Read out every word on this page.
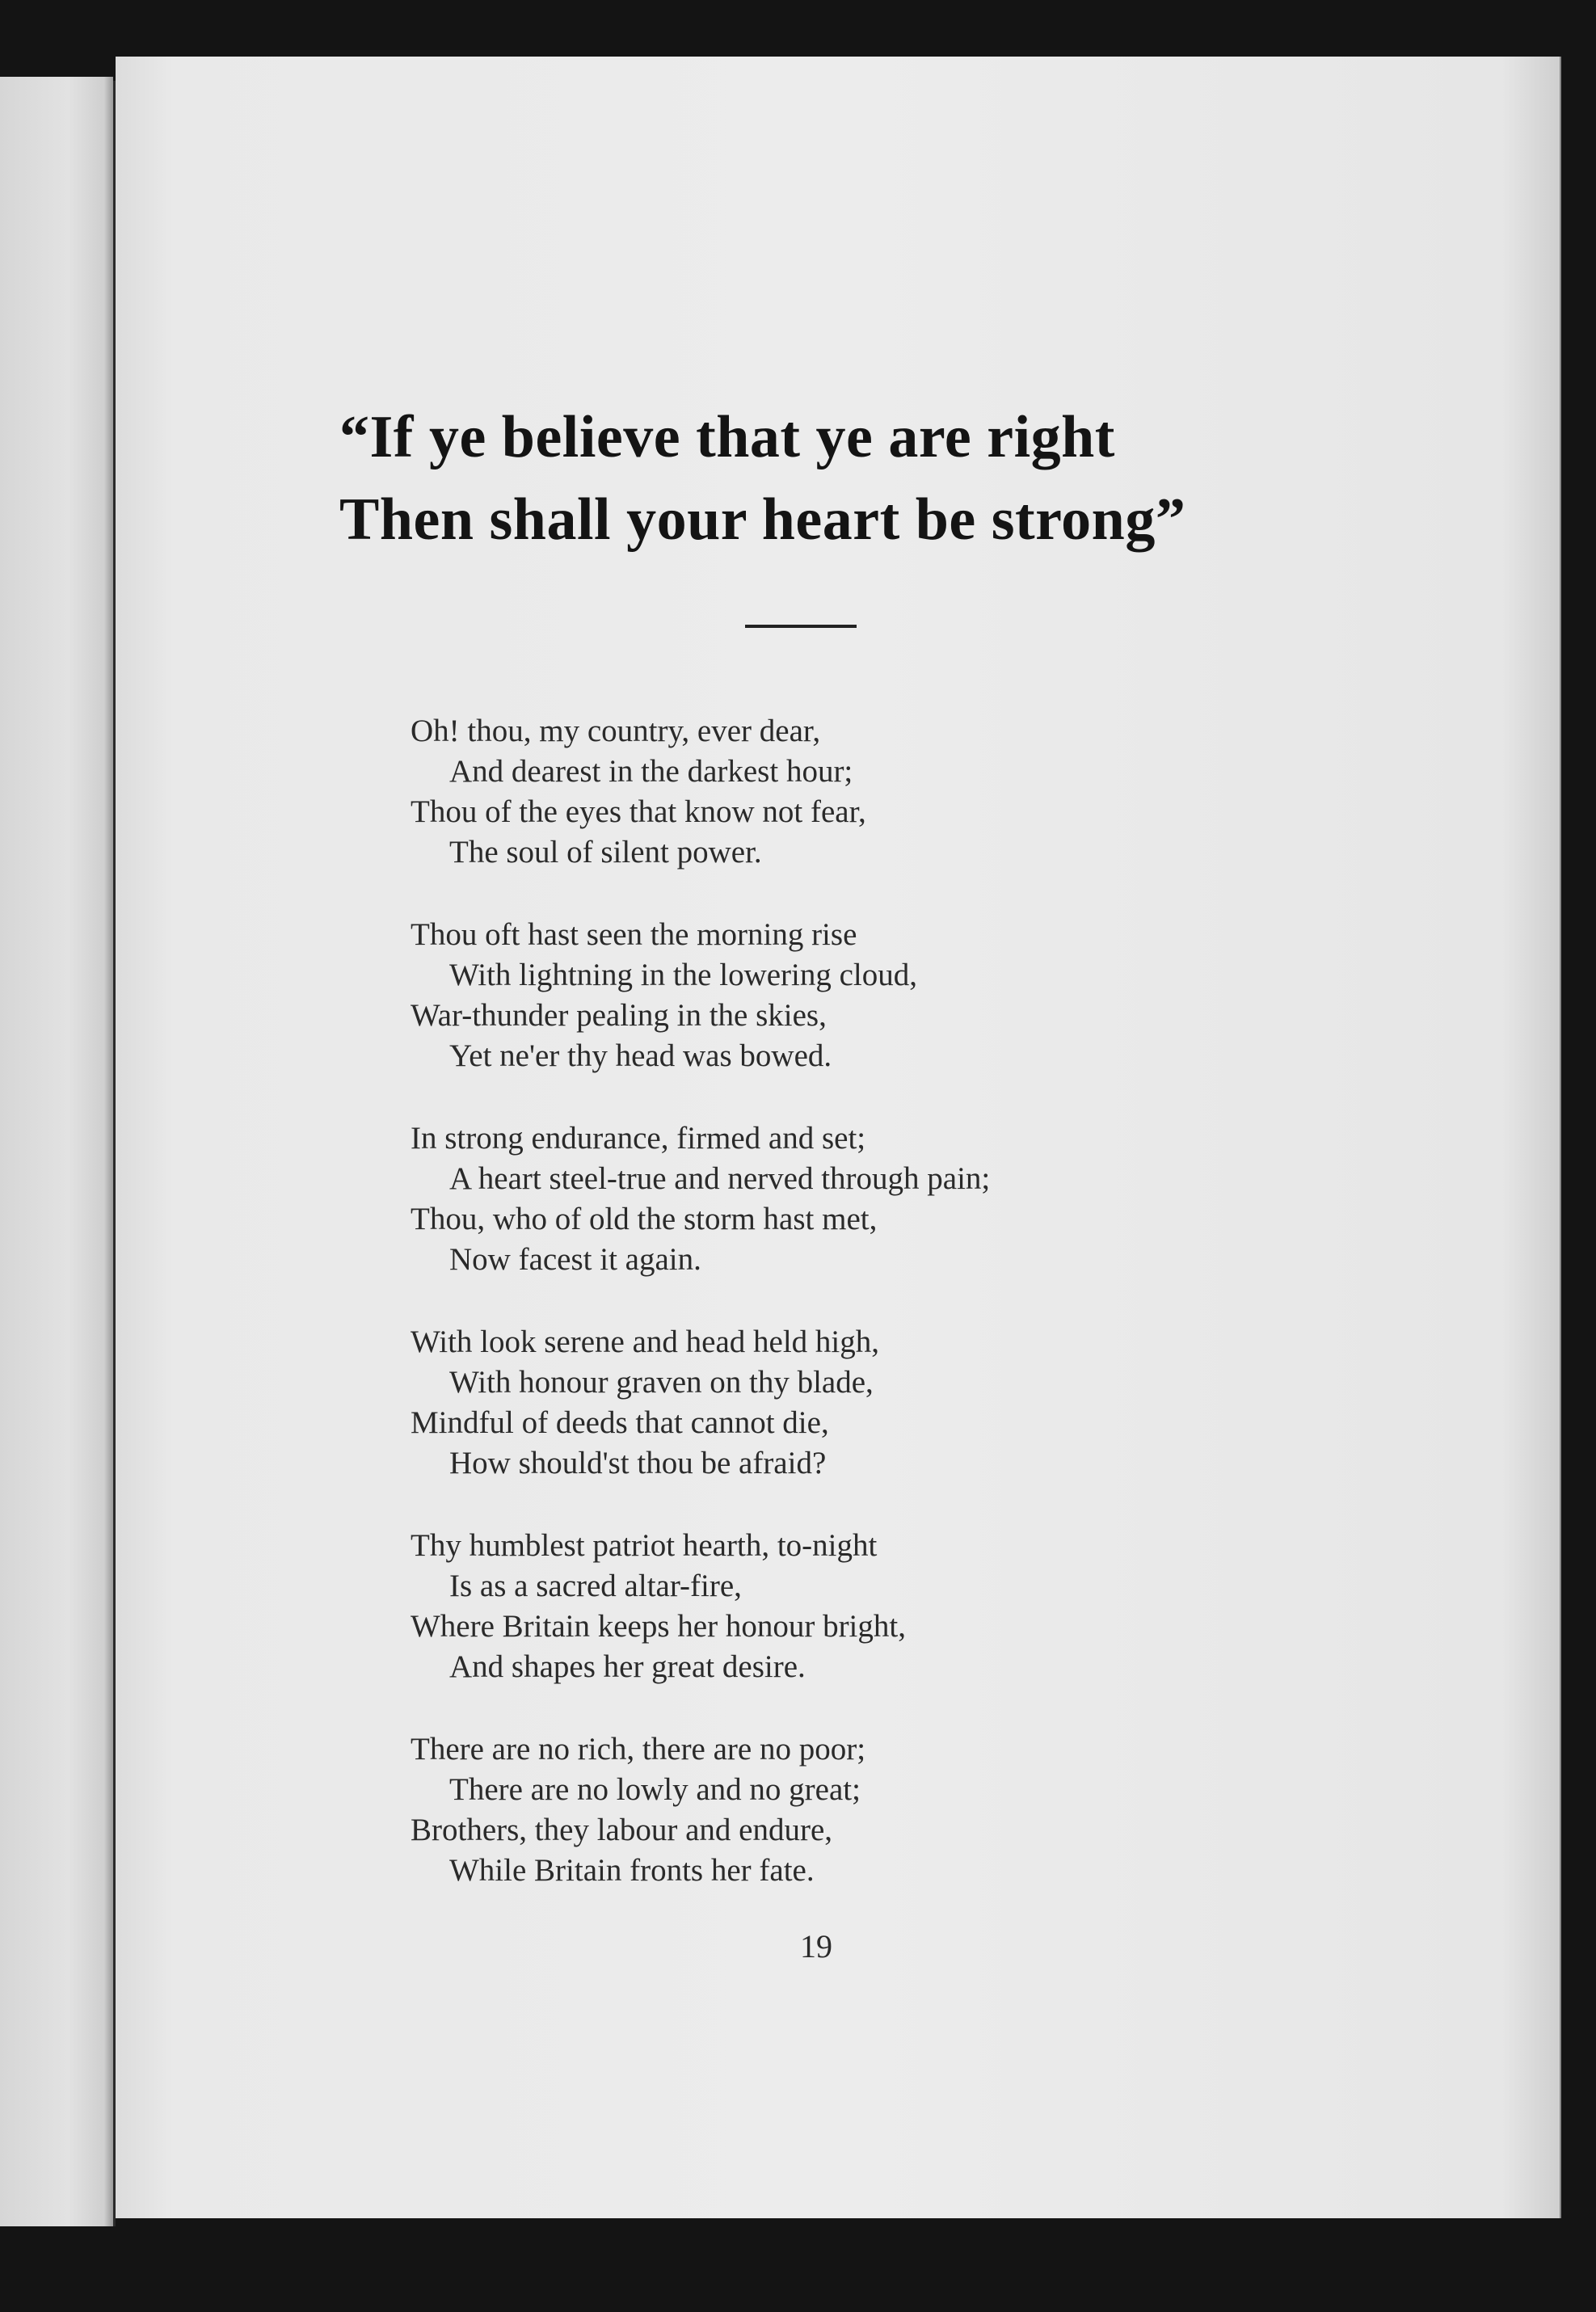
“If ye believe that ye are right
Then shall your heart be strong”
Oh! thou, my country, ever dear,
And dearest in the darkest hour;
Thou of the eyes that know not fear,
The soul of silent power.
Thou oft hast seen the morning rise
With lightning in the lowering cloud,
War-thunder pealing in the skies,
Yet ne'er thy head was bowed.
In strong endurance, firmed and set;
A heart steel-true and nerved through pain;
Thou, who of old the storm hast met,
Now facest it again.
With look serene and head held high,
With honour graven on thy blade,
Mindful of deeds that cannot die,
How should'st thou be afraid?
Thy humblest patriot hearth, to-night
Is as a sacred altar-fire,
Where Britain keeps her honour bright,
And shapes her great desire.
There are no rich, there are no poor;
There are no lowly and no great;
Brothers, they labour and endure,
While Britain fronts her fate.
19
